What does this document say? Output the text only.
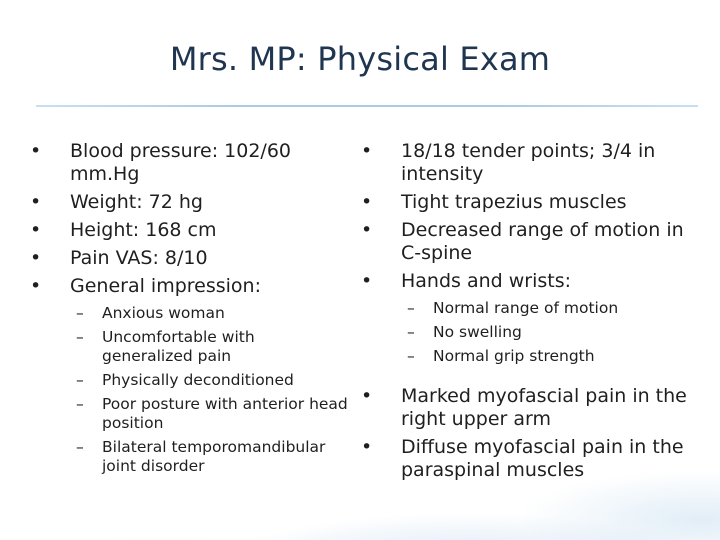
Mrs. MP: Physical Exam
• Blood pressure: 102/60 mm.Hg
• Weight: 72 hg
• Height: 168 cm
• Pain VAS: 8/10
• General impression:
– Anxious woman
– Uncomfortable with generalized pain
– Physically deconditioned
– Poor posture with anterior head position
– Bilateral temporomandibular joint disorder
• 18/18 tender points; 3/4 in intensity
• Tight trapezius muscles
• Decreased range of motion in C-spine
• Hands and wrists:
– Normal range of motion
– No swelling
– Normal grip strength
• Marked myofascial pain in the right upper arm
• Diffuse myofascial pain in the paraspinal muscles
